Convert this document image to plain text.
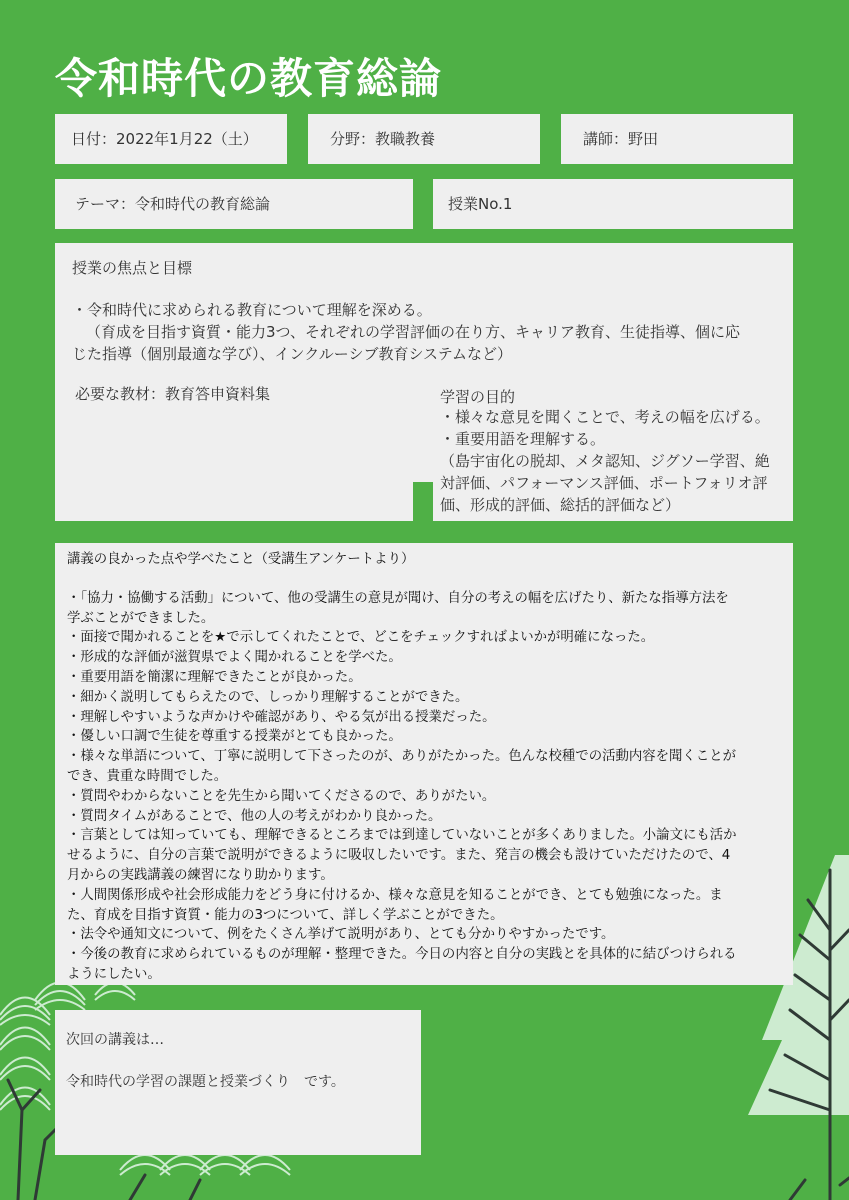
令和時代の教育総論
日付：2022年1月22（土）	分野：教職教養	講師：野田
テーマ：令和時代の教育総論	授業No.1
授業の焦点と目標
・令和時代に求められる教育について理解を深める。
（育成を目指す資質・能力3つ、それぞれの学習評価の在り方、キャリア教育、生徒指導、個に応
じた指導（個別最適な学び）、インクルーシブ教育システムなど）
必要な教材：教育答申資料集	学習の目的
・様々な意見を聞くことで、考えの幅を広げる。
・重要用語を理解する。
（島宇宙化の脱却、メタ認知、ジグソー学習、絶
対評価、パフォーマンス評価、ポートフォリオ評
価、形成的評価、総括的評価など）
講義の良かった点や学べたこと（受講生アンケートより）
・「協力・協働する活動」について、他の受講生の意見が聞け、自分の考えの幅を広げたり、新たな指導方法を
学ぶことができました。
・面接で聞かれることを★で示してくれたことで、どこをチェックすればよいかが明確になった。
・形成的な評価が滋賀県でよく聞かれることを学べた。
・重要用語を簡潔に理解できたことが良かった。
・細かく説明してもらえたので、しっかり理解することができた。
・理解しやすいような声かけや確認があり、やる気が出る授業だった。
・優しい口調で生徒を尊重する授業がとても良かった。
・様々な単語について、丁寧に説明して下さったのが、ありがたかった。色んな校種での活動内容を聞くことが
でき、貴重な時間でした。
・質問やわからないことを先生から聞いてくださるので、ありがたい。
・質問タイムがあることで、他の人の考えがわかり良かった。
・言葉としては知っていても、理解できるところまでは到達していないことが多くありました。小論文にも活か
せるように、自分の言葉で説明ができるように吸収したいです。また、発言の機会も設けていただけたので、4
月からの実践講義の練習になり助かります。
・人間関係形成や社会形成能力をどう身に付けるか、様々な意見を知ることができ、とても勉強になった。ま
た、育成を目指す資質・能力の3つについて、詳しく学ぶことができた。
・法令や通知文について、例をたくさん挙げて説明があり、とても分かりやすかったです。
・今後の教育に求められているものが理解・整理できた。今日の内容と自分の実践とを具体的に結びつけられる
ようにしたい。
次回の講義は…
令和時代の学習の課題と授業づくり　です。
